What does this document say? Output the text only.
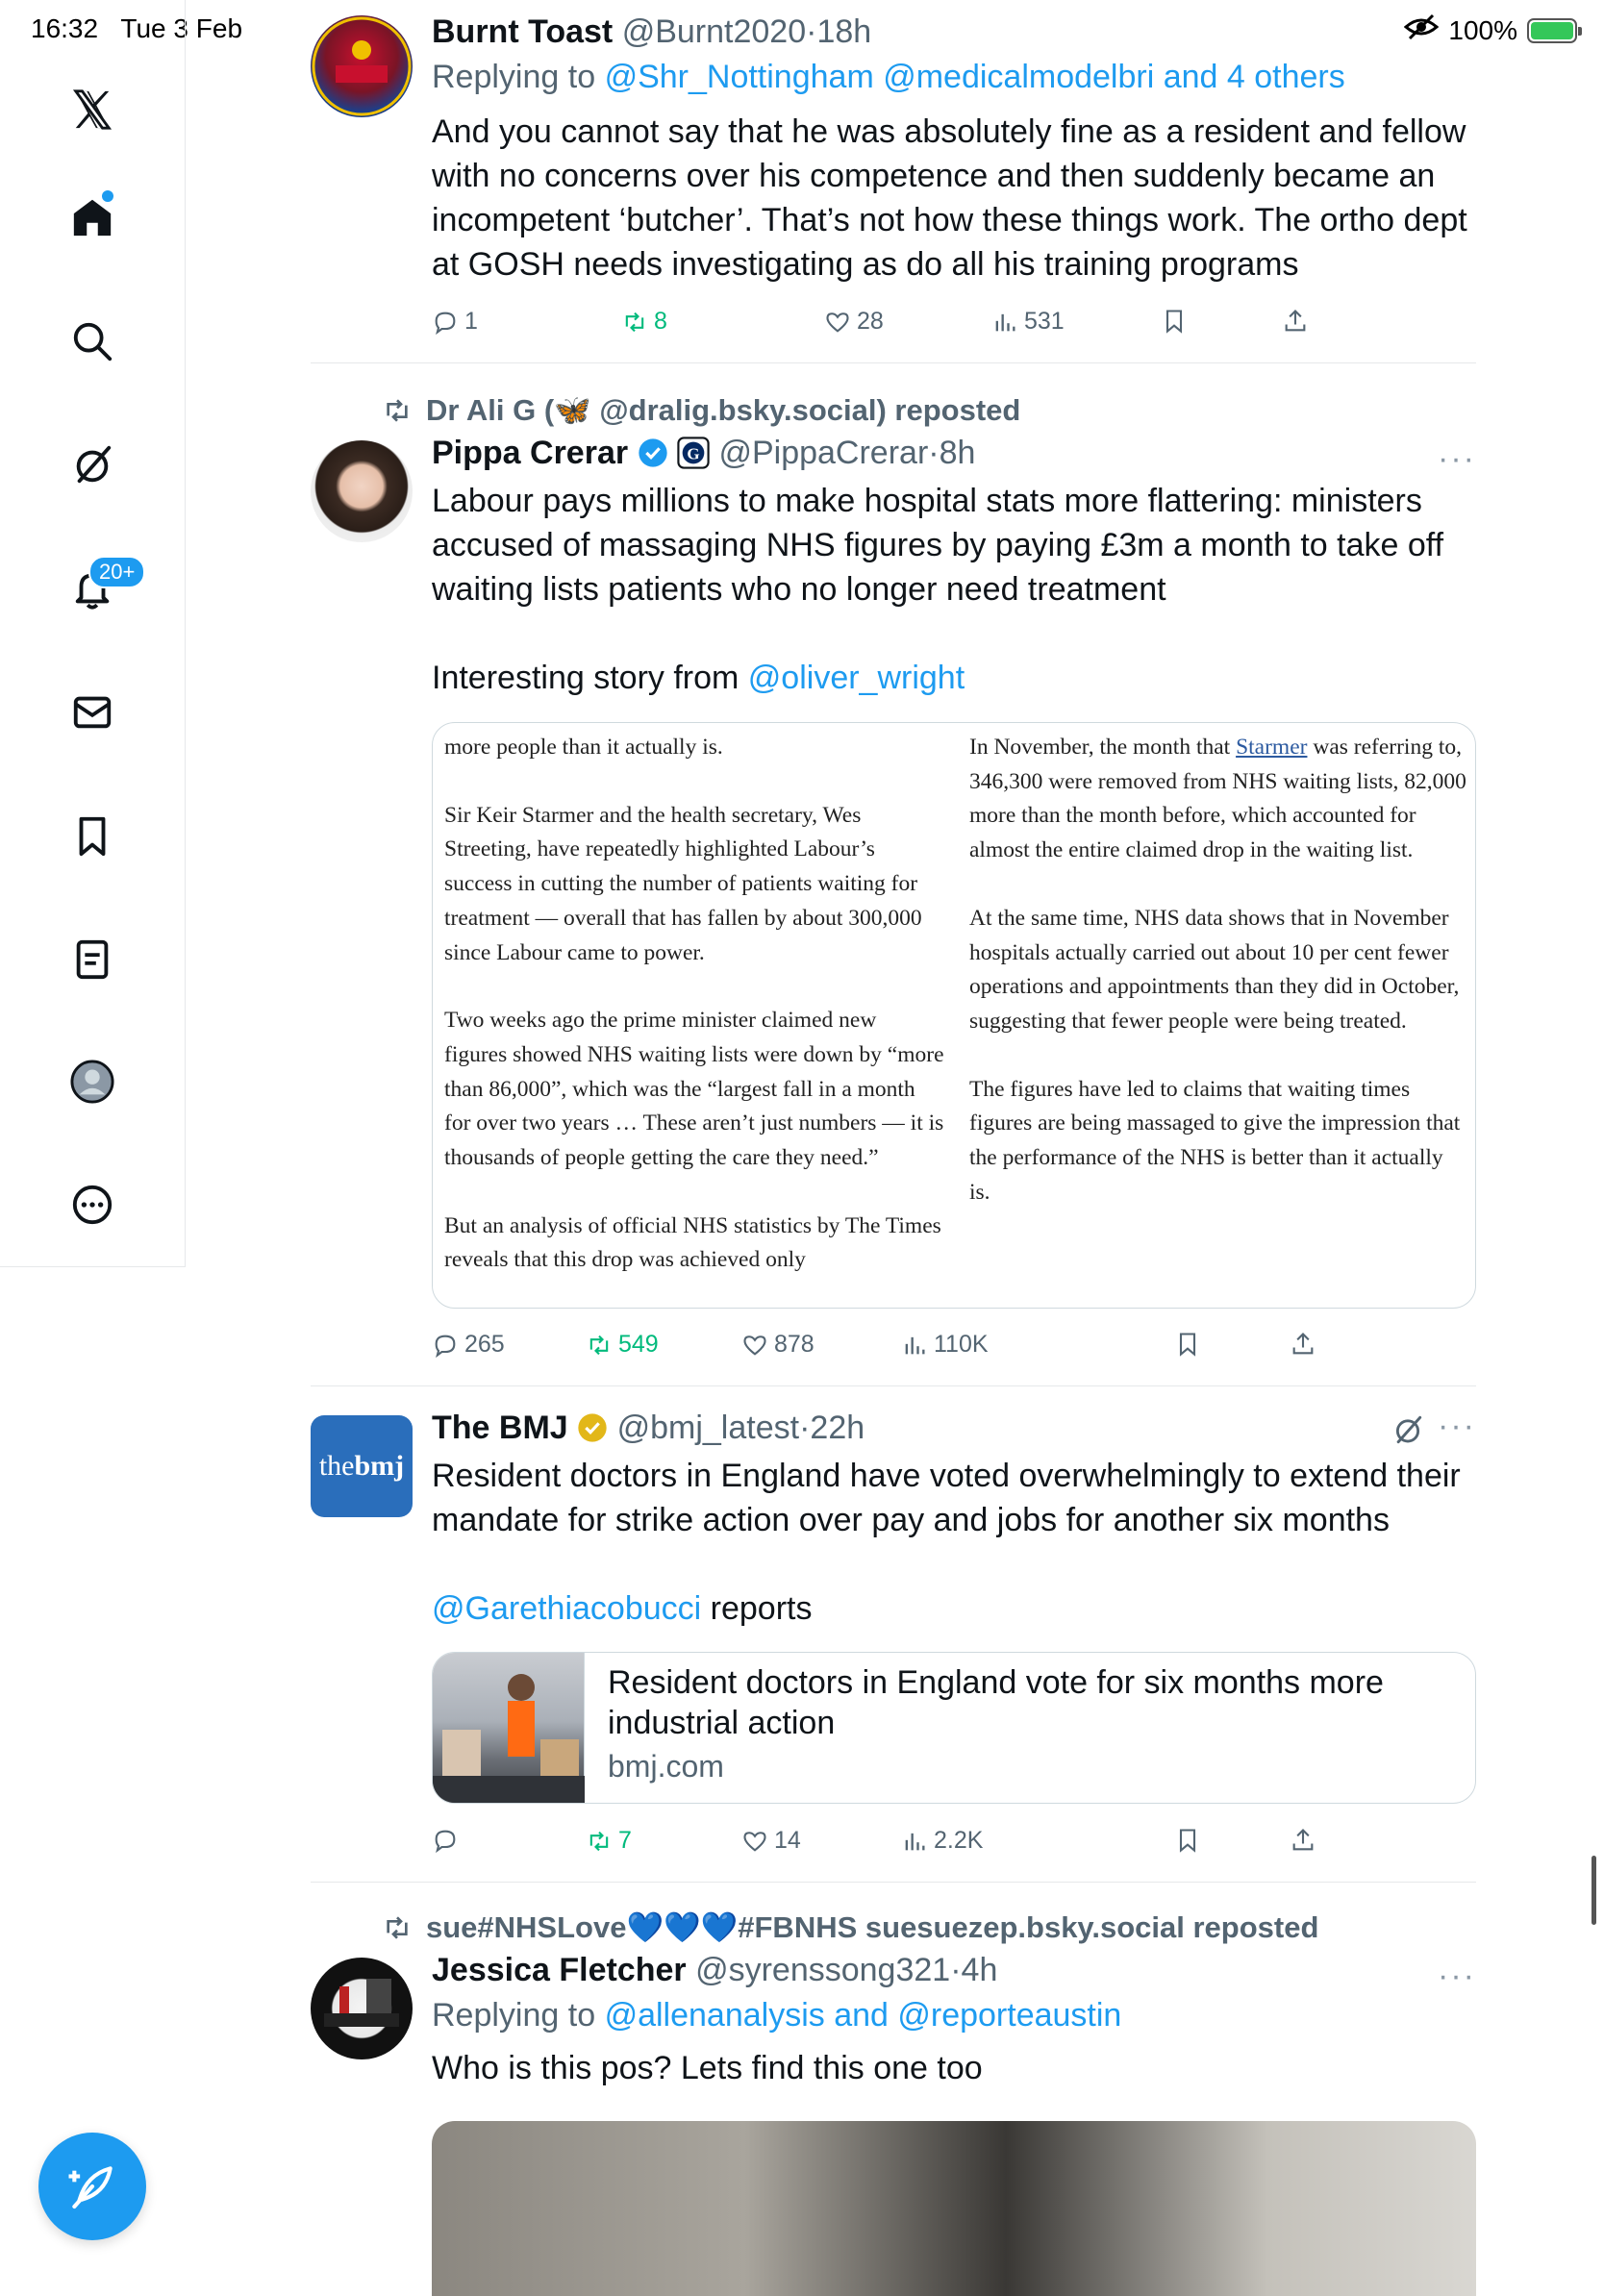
16:32 Tue 3 Feb	100%
20+
Burnt Toast @Burnt2020·18h
Replying to @Shr_Nottingham @medicalmodelbri and 4 others
And you cannot say that he was absolutely fine as a resident and fellow with no concerns over his competence and then suddenly became an incompetent ‘butcher’. That’s not how these things work. The ortho dept at GOSH needs investigating as do all his training programs
1	8	28	531
Dr Ali G (🦋 @dralig.bsky.social) reposted
Pippa Crerar	G @PippaCrerar·8h
Labour pays millions to make hospital stats more flattering: ministers accused of massaging NHS figures by paying £3m a month to take off waiting lists patients who no longer need treatment
Interesting story from @oliver_wright
···

more people than it actually is.

Sir Keir Starmer and the health secretary, Wes Streeting, have repeatedly highlighted Labour’s success in cutting the number of patients waiting for treatment — overall that has fallen by about 300,000 since Labour came to power.

Two weeks ago the prime minister claimed new figures showed NHS waiting lists were down by “more than 86,000”, which was the “largest fall in a month for over two years … These aren’t just numbers — it is thousands of people getting the care they need.”

But an analysis of official NHS statistics by The Times reveals that this drop was achieved only

In November, the month that Starmer was referring to, 346,300 were removed from NHS waiting lists, 82,000 more than the month before, which accounted for almost the entire claimed drop in the waiting list.

At the same time, NHS data shows that in November hospitals actually carried out about 10 per cent fewer operations and appointments than they did in October, suggesting that fewer people were being treated.

The figures have led to claims that waiting times figures are being massaged to give the impression that the performance of the NHS is better than it actually is.

265	549	878	110K
thebmj
The BMJ @bmj_latest·22h
Resident doctors in England have voted overwhelmingly to extend their mandate for strike action over pay and jobs for another six months
@Garethiacobucci reports
···
Resident doctors in England vote for six months more industrial action
bmj.com
7	14	2.2K
sue#NHSLove💙💙💙#FBNHS suesuezep.bsky.social reposted
Jessica Fletcher @syrenssong321·4h
Replying to @allenanalysis and @reporteaustin
Who is this pos? Lets find this one too
···
